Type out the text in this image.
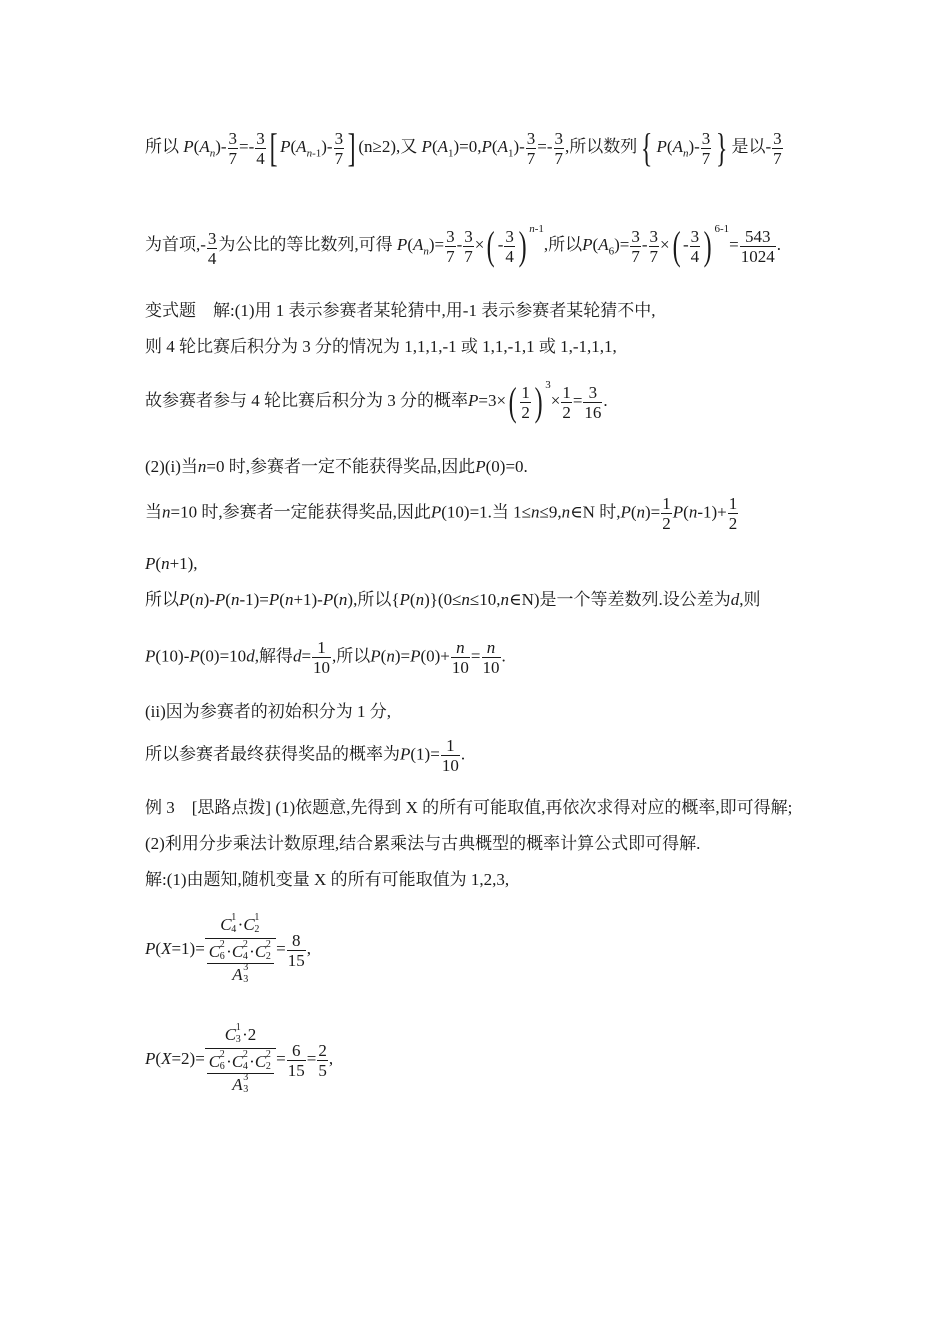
所以 $P(A_n)- \frac{3}{7} =- \frac{3}{4}$ [ $P(A_{n-1})- \frac{3}{7}$ ] (n≥2),又 $P(A_1)=0,P(A_1)- \frac{3}{7} =- \frac{3}{7}$ ,所以数列{ $P(A_n)- \frac{3}{7}$ } 是以- $\frac{3}{7}$
为首项,- $\frac{3}{4}$ 为公比的等比数列,可得 $P(A_n)= \frac{3}{7} - \frac{3}{7}$ ×( - $\frac{3}{4}$ ) $^{n-1}$,所以$P(A_6)= \frac{3}{7} - \frac{3}{7}$ ×( - $\frac{3}{4}$ ) $^{6-1}= \frac{543}{1024}$ .
变式题　解:(1)用 1 表示参赛者某轮猜中,用-1 表示参赛者某轮猜不中,
则 4 轮比赛后积分为 3 分的情况为 1,1,1,-1 或 1,1,-1,1 或 1,-1,1,1,
故参赛者参与 4 轮比赛后积分为 3 分的概率$P=3\times( \frac{1}{2}$ ) $^3\times \frac{1}{2} = \frac{3}{16}$ .
(2)(i)当n=0 时,参赛者一定不能获得奖品,因此P(0)=0.
当n=10 时,参赛者一定能获得奖品,因此P(10)=1.当 1≤n≤9,n∈N 时$,P(n)= \frac{1}{2} P(n-1)+ \frac{1}{2}$
P(n+1),
所以P(n)-P(n-1)=P(n+1)-P(n),所以{P(n)}(0≤n≤10,n∈N)是一个等差数列.设公差为d,则
P(10)-P(0)=10d,解得$d= \frac{1}{10}$ ,所以$P(n)=P(0)+ \frac{n}{10} = \frac{n}{10}$ .
(ii)因为参赛者的初始积分为 1 分,
所以参赛者最终获得奖品的概率为$P(1)= \frac{1}{10}$ .
例 3　[思路点拨] (1)依题意,先得到 X 的所有可能取值,再依次求得对应的概率,即可得解;
(2)利用分步乘法计数原理,结合累乘法与古典概型的概率计算公式即可得解.
解:(1)由题知,随机变量 X 的所有可能取值为 1,2,3,
P(X=1)= C 1
4 ·C 1
2
C 2
6 ·C 2
4 ·C 2
2
A 3
$3 = \frac{8}{15}$ ,
P(X=2)= C 1
3 ·2
C 2
6 ·C 2
4 ·C 2
2
A 3
$3 = \frac{6}{15} = \frac{2}{5}$ ,
